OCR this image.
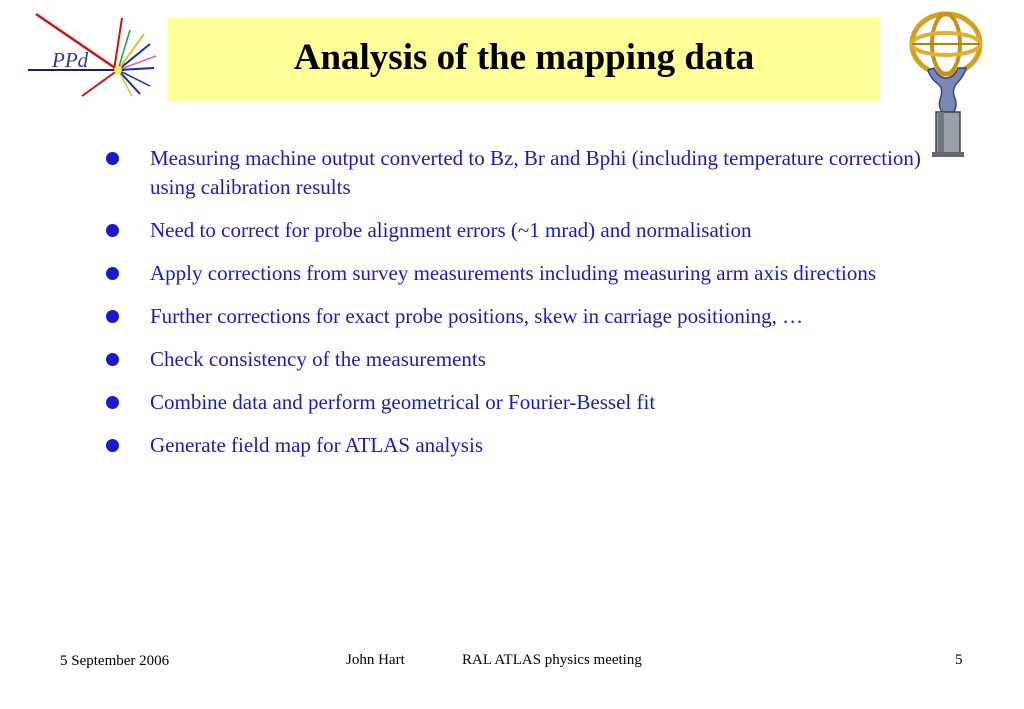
PPd	Analysis of the mapping data
Measuring machine output converted to Bz, Br and Bphi (including temperature correction) using calibration results
Need to correct for probe alignment errors (~1 mrad) and normalisation
Apply corrections from survey measurements including measuring arm axis directions
Further corrections for exact probe positions, skew in carriage positioning, …
Check consistency of the measurements
Combine data and perform geometrical or Fourier-Bessel fit
Generate field map for ATLAS analysis
5 September 2006	John Hart	RAL ATLAS physics meeting	5
